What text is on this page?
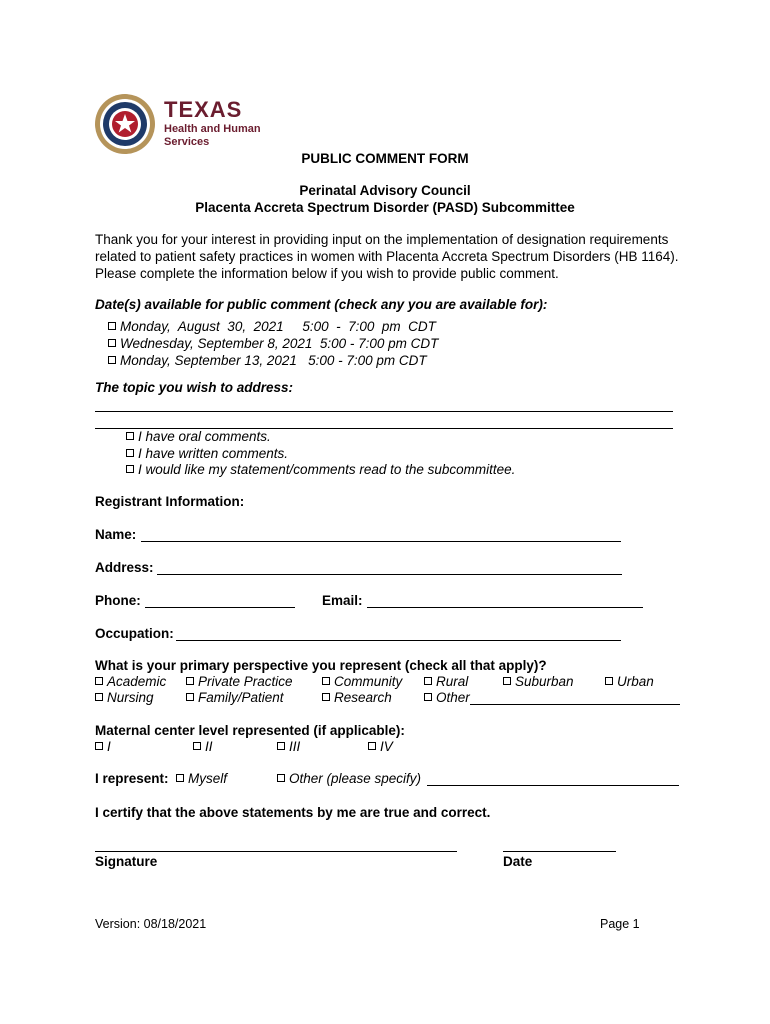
TEXAS
Health and Human
Services
PUBLIC COMMENT FORM
Perinatal Advisory Council
Placenta Accreta Spectrum Disorder (PASD) Subcommittee
Thank you for your interest in providing input on the implementation of designation requirements
related to patient safety practices in women with Placenta Accreta Spectrum Disorders (HB 1164).
Please complete the information below if you wish to provide public comment.
Date(s) available for public comment (check any you are available for):
Monday,  August  30,  2021     5:00  -  7:00  pm  CDT
Wednesday, September 8, 2021  5:00 - 7:00 pm CDT
Monday, September 13, 2021   5:00 - 7:00 pm CDT
The topic you wish to address:
I have oral comments.
I have written comments.
I would like my statement/comments read to the subcommittee.
Registrant Information:
Name:
Address:
Phone:	Email:
Occupation:
What is your primary perspective you represent (check all that apply)?
Academic	Private Practice	Community	Rural	Suburban	Urban
Nursing	Family/Patient	Research	Other
Maternal center level represented (if applicable):
I	II	III	IV
I represent:	Myself	Other (please specify)
I certify that the above statements by me are true and correct.
Signature	Date
Version: 08/18/2021	Page 1
